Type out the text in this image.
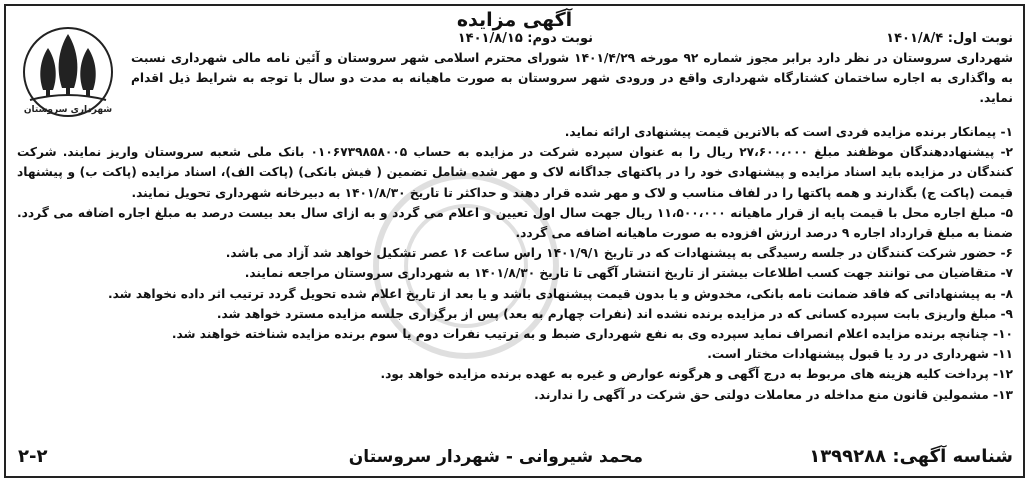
آگهی مزایده
نوبت اول: ۱۴۰۱/۸/۴
نوبت دوم: ۱۴۰۱/۸/۱۵
شهرداری سروستان
شهرداری سروستان در نظر دارد برابر مجوز شماره ۹۲ مورخه ۱۴۰۱/۴/۲۹ شورای محترم اسلامی شهر سروستان و آئین نامه مالی شهرداری نسبت به واگذاری به اجاره ساختمان کشتارگاه شهرداری واقع در ورودی شهر سروستان به صورت ماهیانه به مدت دو سال با توجه به شرایط ذیل اقدام نماید.
۱- پیمانکار برنده مزایده فردی است که بالاترین قیمت پیشنهادی ارائه نماید.
۲- پیشنهاددهندگان موظفند مبلغ ۲۷،۶۰۰،۰۰۰ ریال را به عنوان سپرده شرکت در مزایده به حساب ۰۱۰۶۷۳۹۸۵۸۰۰۵ بانک ملی شعبه سروستان واریز نمایند. شرکت کنندگان در مزایده باید اسناد مزایده و پیشنهادی خود را در پاکتهای جداگانه لاک و مهر شده شامل تضمین ( فیش بانکی) (پاکت الف)، اسناد مزایده (پاکت ب) و پیشنهاد قیمت (پاکت ج) بگذارند و همه پاکتها را در لفاف مناسب و لاک و مهر شده قرار دهند و حداکثر تا تاریخ ۱۴۰۱/۸/۳۰ به دبیرخانه شهرداری تحویل نمایند.
۵- مبلغ اجاره محل با قیمت پایه از قرار ماهیانه ۱۱،۵۰۰،۰۰۰ ریال جهت سال اول تعیین و اعلام می گردد و به ازای سال بعد بیست درصد به مبلغ اجاره اضافه می گردد. ضمنا به مبلغ قرارداد اجاره ۹ درصد ارزش افزوده به صورت ماهیانه اضافه می گردد.
۶- حضور شرکت کنندگان در جلسه رسیدگی به پیشنهادات که در تاریخ ۱۴۰۱/۹/۱ راس ساعت ۱۶ عصر تشکیل خواهد شد آزاد می باشد.
۷- متقاضیان می توانند جهت کسب اطلاعات بیشتر از تاریخ انتشار آگهی تا تاریخ ۱۴۰۱/۸/۳۰ به شهرداری سروستان مراجعه نمایند.
۸- به پیشنهاداتی که فاقد ضمانت نامه بانکی، مخدوش و یا بدون قیمت پیشنهادی باشد و یا بعد از تاریخ اعلام شده تحویل گردد ترتیب اثر داده نخواهد شد.
۹- مبلغ واریزی بابت سپرده کسانی که در مزایده برنده نشده اند (نفرات چهارم به بعد) پس از برگزاری جلسه مزایده مسترد خواهد شد.
۱۰- چنانچه برنده مزایده اعلام انصراف نماید سپرده وی به نفع شهرداری ضبط و به ترتیب نفرات دوم یا سوم برنده مزایده شناخته خواهند شد.
۱۱- شهرداری در رد یا قبول پیشنهادات مختار است.
۱۲- پرداخت کلیه هزینه های مربوط به درج آگهی و هرگونه عوارض و غیره به عهده برنده مزایده خواهد بود.
۱۳- مشمولین قانون منع مداخله در معاملات دولتی حق شرکت در آگهی را ندارند.
شناسه آگهی: ۱۳۹۹۲۸۸
محمد شیروانی - شهردار سروستان
۲-۲
